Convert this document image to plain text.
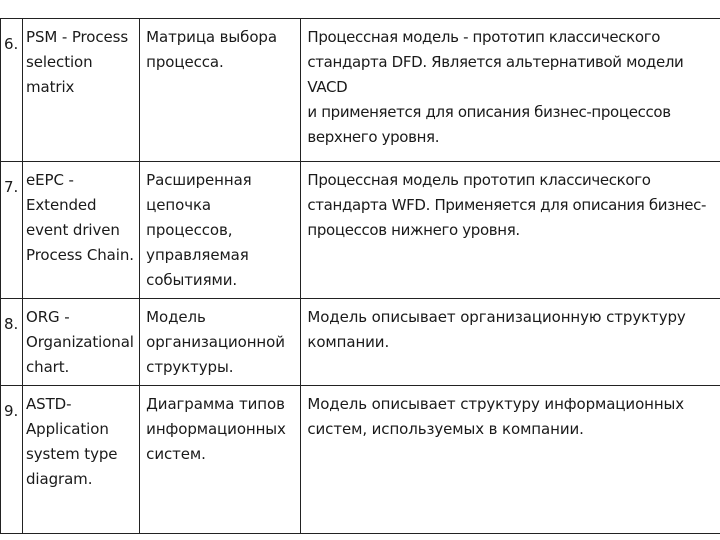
6.	PSM - Process
selection matrix	Матрица выбора
процесса.	Процессная модель - прототип классического
стандарта DFD. Является альтернативой модели VACD
и применяется для описания бизнес-процессов
верхнего уровня.
7.	eEPC - Extended
event driven
Process Chain.	Расширенная
цепочка процессов,
управляемая
событиями.	Процессная модель прототип классического
стандарта WFD. Применяется для описания бизнес-
процессов нижнего уровня.
8.	ORG -
Organizational
chart.	Модель
организационной
структуры.	Модель описывает организационную структуру
компании.
9.	ASTD-
Application
system type
diagram.	Диаграмма типов
информационных
систем.	Модель описывает структуру информационных
систем, используемых в компании.
